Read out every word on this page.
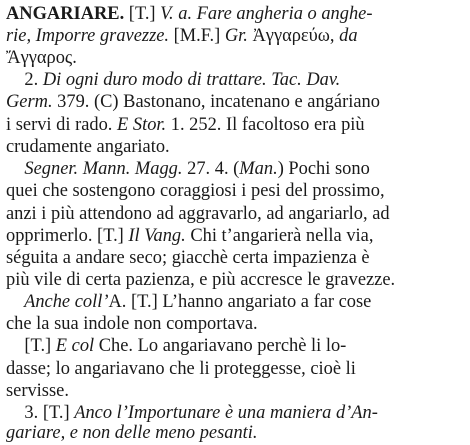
ANGARIARE. [T.] V. a. Fare angheria o anghe-
rie, Imporre gravezze. [M.F.] Gr. Ἀγγαρεύω, da
Ἄγγαρος.
2. Di ogni duro modo di trattare. Tac. Dav.
Germ. 379. (C) Bastonano, incatenano e angáriano
i servi di rado. E Stor. 1. 252. Il facoltoso era più
crudamente angariato.
Segner. Mann. Magg. 27. 4. (Man.) Pochi sono
quei che sostengono coraggiosi i pesi del prossimo,
anzi i più attendono ad aggravarlo, ad angariarlo, ad
opprimerlo. [T.] Il Vang. Chi t’angarierà nella via,
séguita a andare seco; giacchè certa impazienza è
più vile di certa pazienza, e più accresce le gravezze.
Anche coll’A. [T.] L’hanno angariato a far cose
che la sua indole non comportava.
[T.] E col Che. Lo angariavano perchè li lo-
dasse; lo angariavano che li proteggesse, cioè li
servisse.
3. [T.] Anco l’Importunare è una maniera d’An-
gariare, e non delle meno pesanti.
